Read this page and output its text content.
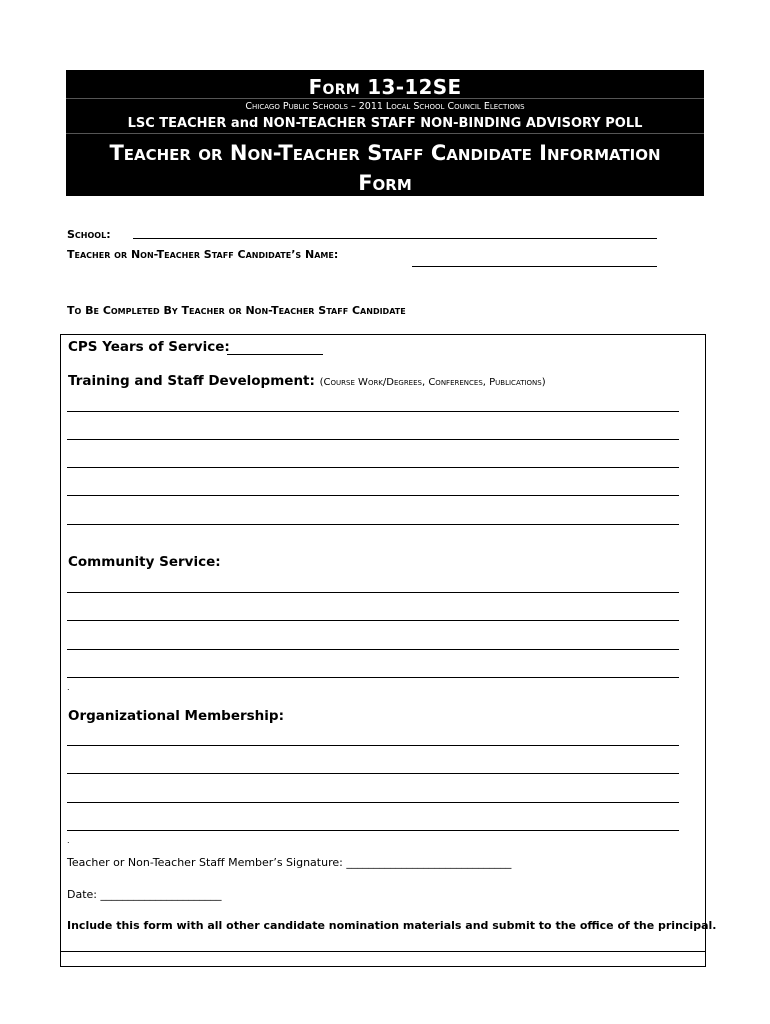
Form 13-12SE
Chicago Public Schools – 2011 Local School Council Elections
LSC TEACHER and NON-TEACHER STAFF NON-BINDING ADVISORY POLL
Teacher or Non-Teacher Staff Candidate Information
Form
School:
Teacher or Non-Teacher Staff Candidate’s Name:
To Be Completed By Teacher or Non-Teacher Staff Candidate
CPS Years of Service:
Training and Staff Development: (Course Work/Degrees, Conferences, Publications)
Community Service:
.
Organizational Membership:
.
Teacher or Non-Teacher Staff Member’s Signature: ______________________________
Date: ______________________
Include this form with all other candidate nomination materials and submit to the office of the principal.
